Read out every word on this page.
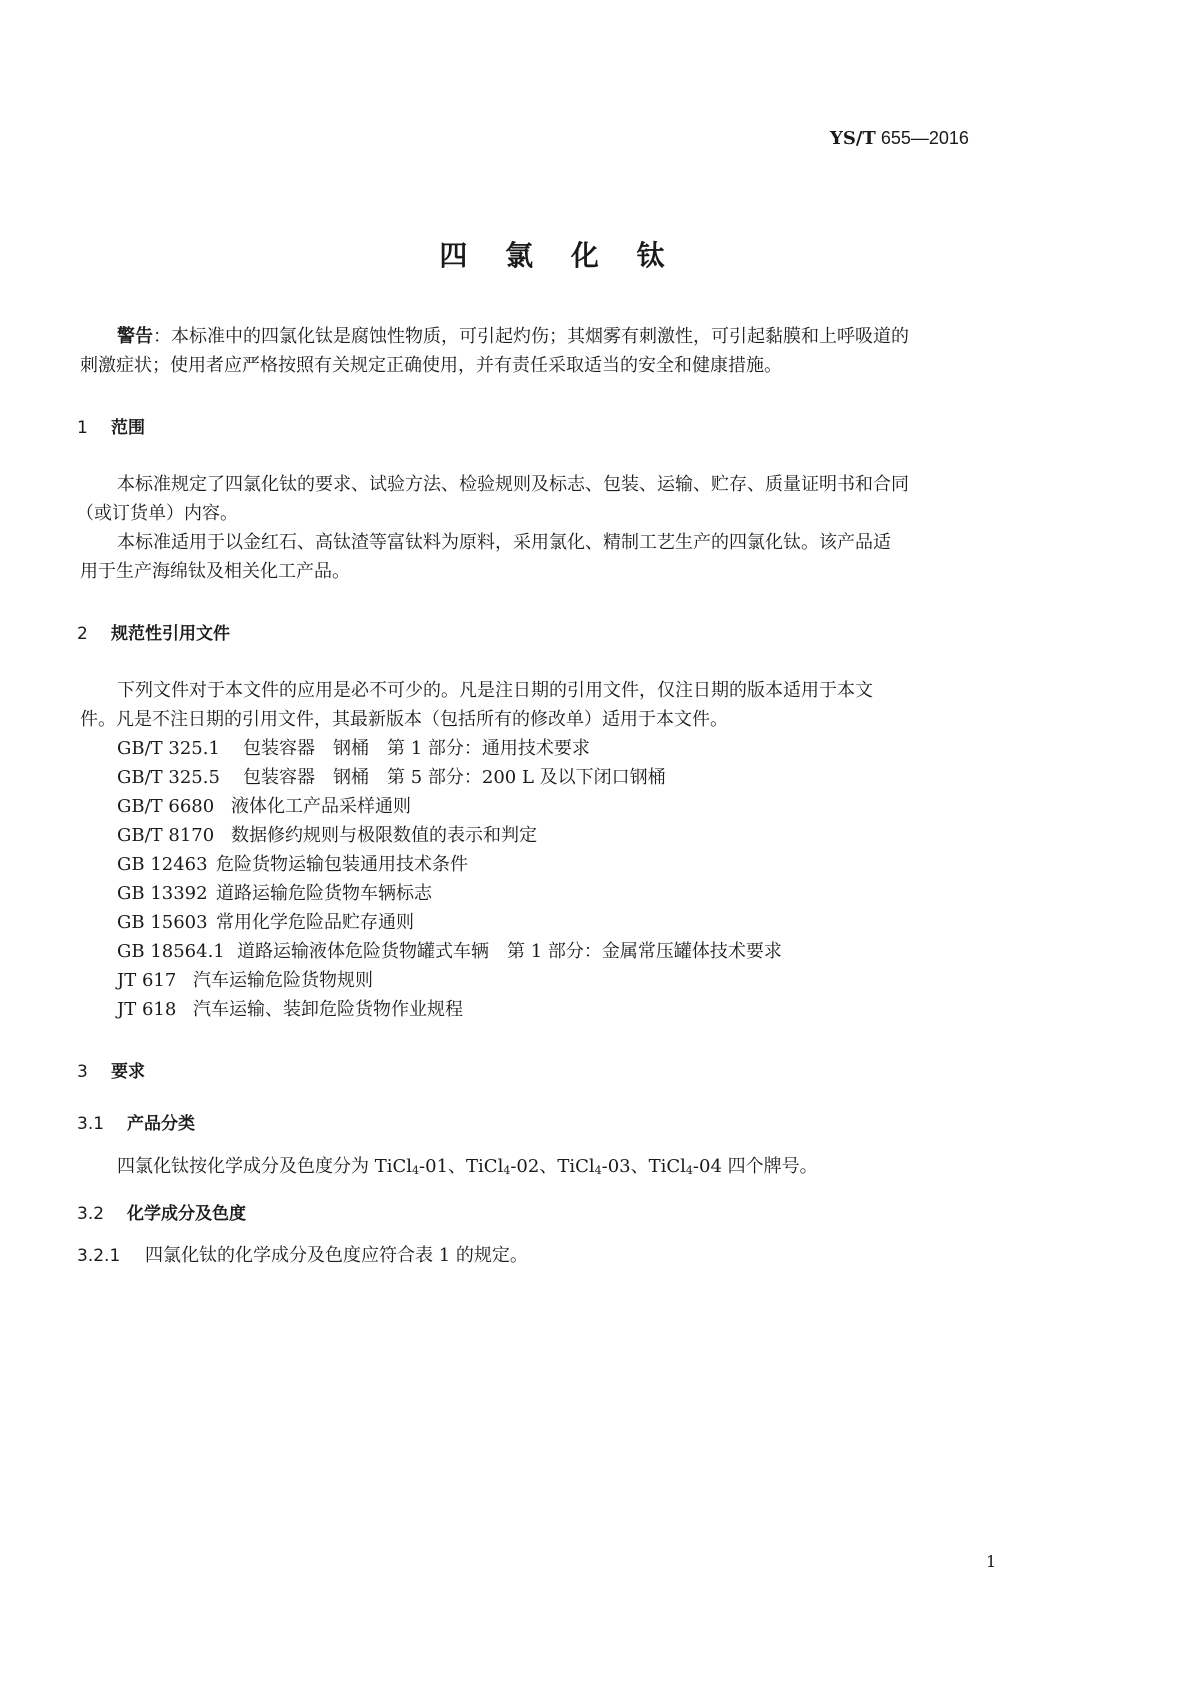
YS/T 655—2016
四 氯 化 钛
警告：本标准中的四氯化钛是腐蚀性物质，可引起灼伤；其烟雾有刺激性，可引起黏膜和上呼吸道的
刺激症状；使用者应严格按照有关规定正确使用，并有责任采取适当的安全和健康措施。
1 范围
本标准规定了四氯化钛的要求、试验方法、检验规则及标志、包装、运输、贮存、质量证明书和合同
（或订货单）内容。
本标准适用于以金红石、高钛渣等富钛料为原料，采用氯化、精制工艺生产的四氯化钛。该产品适
用于生产海绵钛及相关化工产品。
2 规范性引用文件
下列文件对于本文件的应用是必不可少的。凡是注日期的引用文件，仅注日期的版本适用于本文
件。凡是不注日期的引用文件，其最新版本（包括所有的修改单）适用于本文件。
GB/T 325.1 包装容器　钢桶　第 1 部分：通用技术要求
GB/T 325.5 包装容器　钢桶　第 5 部分：200 L 及以下闭口钢桶
GB/T 6680 液体化工产品采样通则
GB/T 8170 数据修约规则与极限数值的表示和判定
GB 12463 危险货物运输包装通用技术条件
GB 13392 道路运输危险货物车辆标志
GB 15603 常用化学危险品贮存通则
GB 18564.1 道路运输液体危险货物罐式车辆　第 1 部分：金属常压罐体技术要求
JT 617 汽车运输危险货物规则
JT 618 汽车运输、装卸危险货物作业规程
3 要求
3.1 产品分类
四氯化钛按化学成分及色度分为 TiCl$_4$-01、TiCl$_4$-02、TiCl$_4$-03、TiCl$_4$-04 四个牌号。
3.2 化学成分及色度
3.2.1 四氯化钛的化学成分及色度应符合表 1 的规定。
1
